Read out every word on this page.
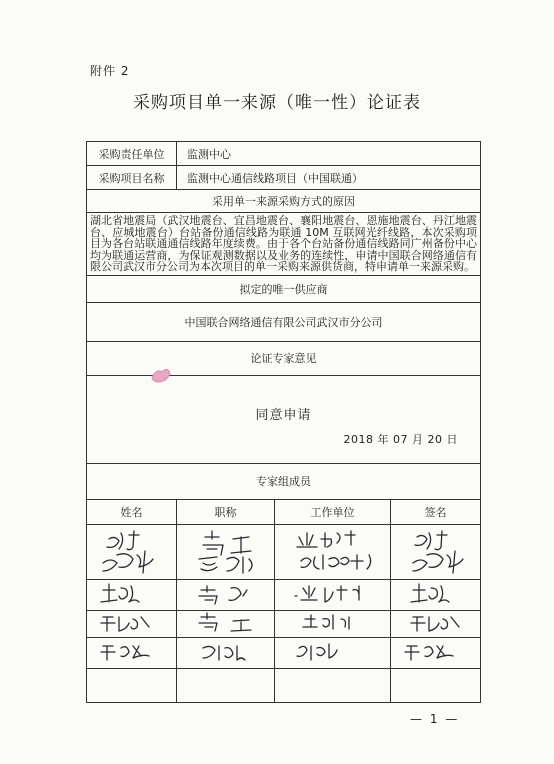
附件 2
采购项目单一来源（唯一性）论证表
采购责任单位	监测中心		
采购项目名称	监测中心通信线路项目（中国联通）		
采用单一来源采购方式的原因			
湖北省地震局（武汉地震台、宜昌地震台、襄阳地震台、恩施地震台、丹江地震台、应城地震台）台站备份通信线路为联通 10M 互联网光纤线路，本次采购项目为各台站联通通信线路年度续费。由于各个台站备份通信线路同广州备份中心均为联通运营商，为保证观测数据以及业务的连续性，申请中国联合网络通信有限公司武汉市分公司为本次项目的单一采购来源供货商，特申请单一来源采购。			
拟定的唯一供应商			
中国联合网络通信有限公司武汉市分公司			
论证专家意见			

同意申请
2018 年 07 月 20 日			

专家组成员			
姓名	职称	工作单位	签名

— 1 —
